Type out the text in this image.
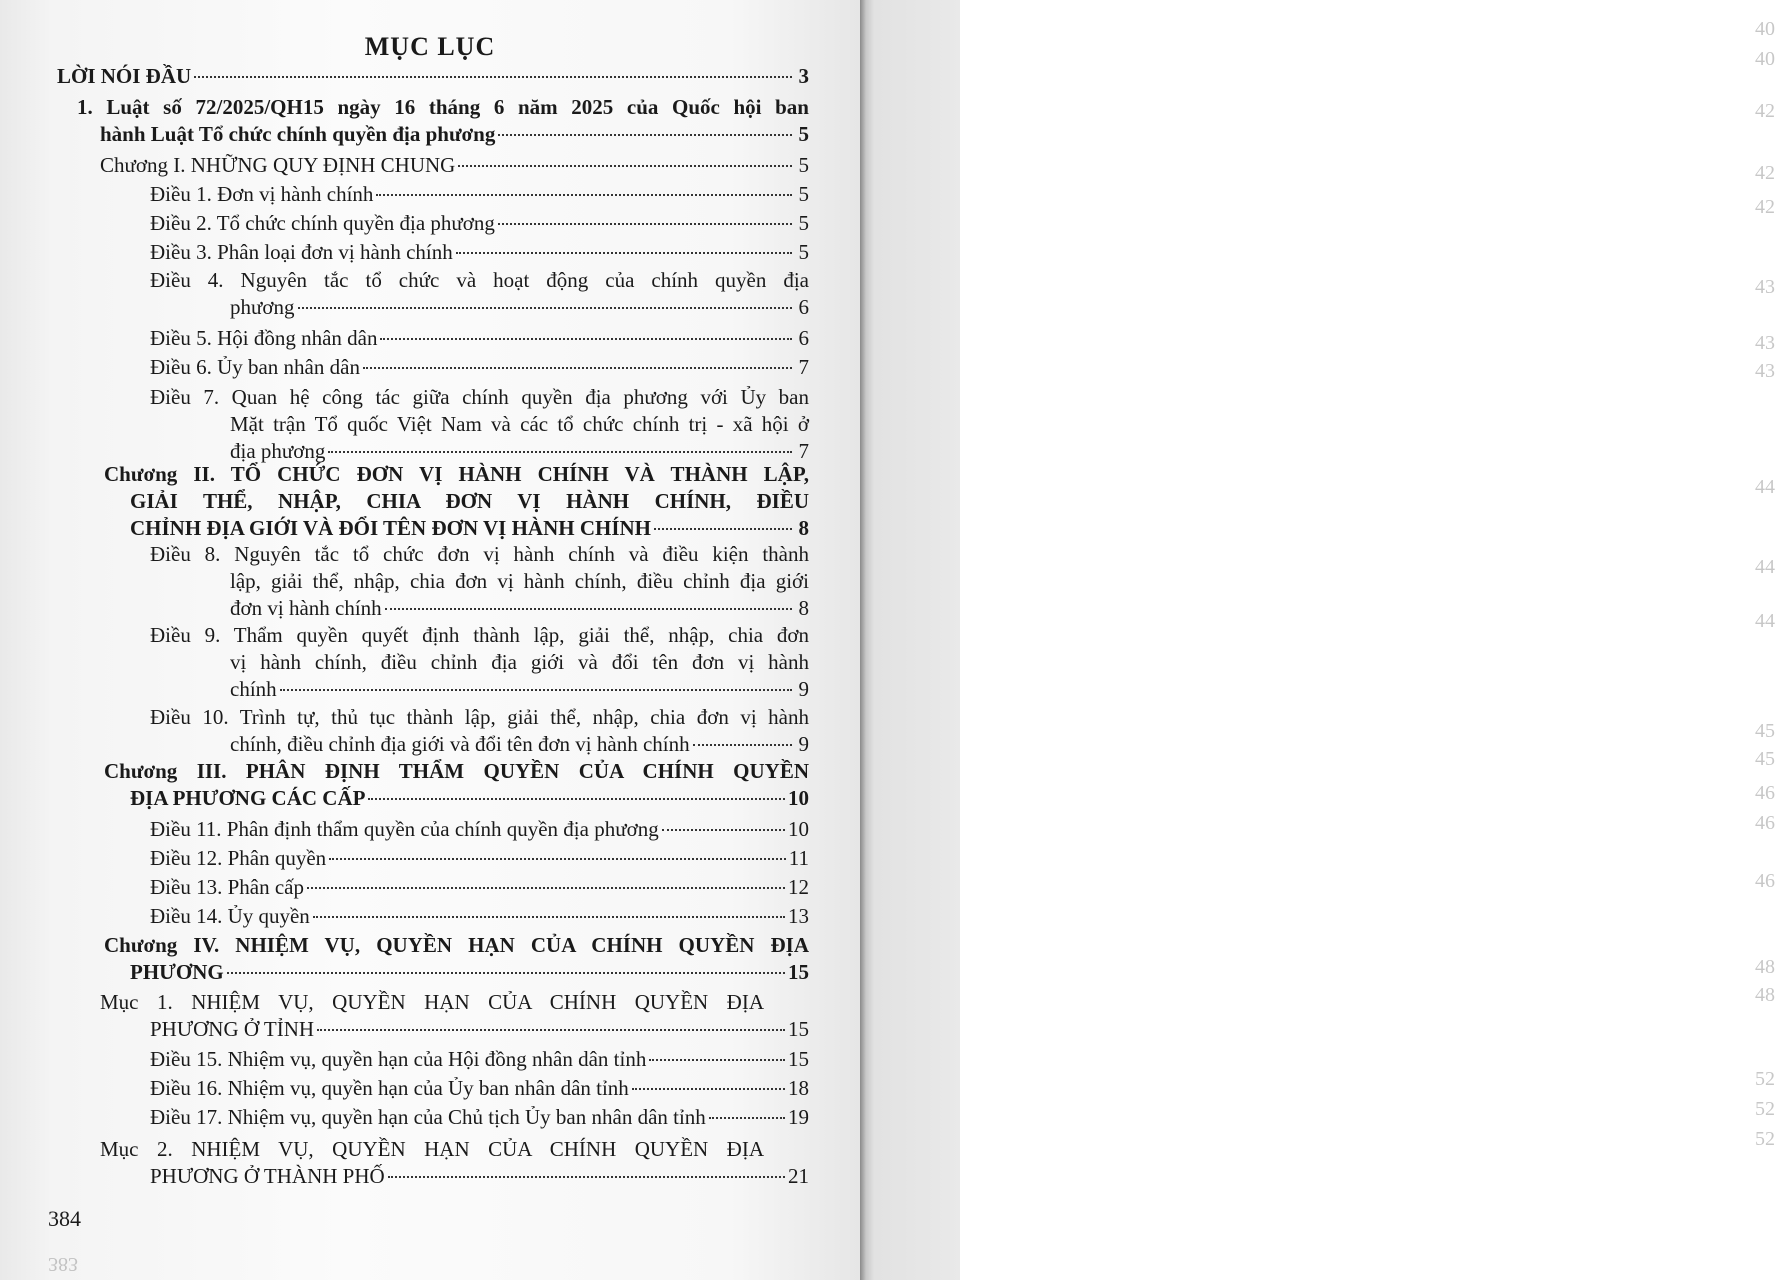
40
40
42
42
42
43
43
43
44
44
44
45
45
46
46
46
48
48
52
52
52
MỤC LỤC
LỜI NÓI ĐẦU	3
1. Luật số 72/2025/QH15 ngày 16 tháng 6 năm 2025 của Quốc hội ban
hành Luật Tổ chức chính quyền địa phương	5
Chương I. NHỮNG QUY ĐỊNH CHUNG	5
Điều 1. Đơn vị hành chính	5
Điều 2. Tổ chức chính quyền địa phương	5
Điều 3. Phân loại đơn vị hành chính	5
Điều 4. Nguyên tắc tổ chức và hoạt động của chính quyền địa
phương	6
Điều 5. Hội đồng nhân dân	6
Điều 6. Ủy ban nhân dân	7
Điều 7. Quan hệ công tác giữa chính quyền địa phương với Ủy ban
Mặt trận Tổ quốc Việt Nam và các tổ chức chính trị - xã hội ở
địa phương	7
Chương II. TỔ CHỨC ĐƠN VỊ HÀNH CHÍNH VÀ THÀNH LẬP,
GIẢI THỂ, NHẬP, CHIA ĐƠN VỊ HÀNH CHÍNH, ĐIỀU
CHỈNH ĐỊA GIỚI VÀ ĐỔI TÊN ĐƠN VỊ HÀNH CHÍNH	8
Điều 8. Nguyên tắc tổ chức đơn vị hành chính và điều kiện thành
lập, giải thể, nhập, chia đơn vị hành chính, điều chỉnh địa giới
đơn vị hành chính	8
Điều 9. Thẩm quyền quyết định thành lập, giải thể, nhập, chia đơn
vị hành chính, điều chỉnh địa giới và đổi tên đơn vị hành
chính	9
Điều 10. Trình tự, thủ tục thành lập, giải thể, nhập, chia đơn vị hành
chính, điều chỉnh địa giới và đổi tên đơn vị hành chính	9
Chương III. PHÂN ĐỊNH THẨM QUYỀN CỦA CHÍNH QUYỀN
ĐỊA PHƯƠNG CÁC CẤP	10
Điều 11. Phân định thẩm quyền của chính quyền địa phương	10
Điều 12. Phân quyền	11
Điều 13. Phân cấp	12
Điều 14. Ủy quyền	13
Chương IV. NHIỆM VỤ, QUYỀN HẠN CỦA CHÍNH QUYỀN ĐỊA
PHƯƠNG	15
Mục 1. NHIỆM VỤ, QUYỀN HẠN CỦA CHÍNH QUYỀN ĐỊA
PHƯƠNG Ở TỈNH	15
Điều 15. Nhiệm vụ, quyền hạn của Hội đồng nhân dân tỉnh	15
Điều 16. Nhiệm vụ, quyền hạn của Ủy ban nhân dân tỉnh	18
Điều 17. Nhiệm vụ, quyền hạn của Chủ tịch Ủy ban nhân dân tỉnh	19
Mục 2. NHIỆM VỤ, QUYỀN HẠN CỦA CHÍNH QUYỀN ĐỊA
PHƯƠNG Ở THÀNH PHỐ	21
384
383
